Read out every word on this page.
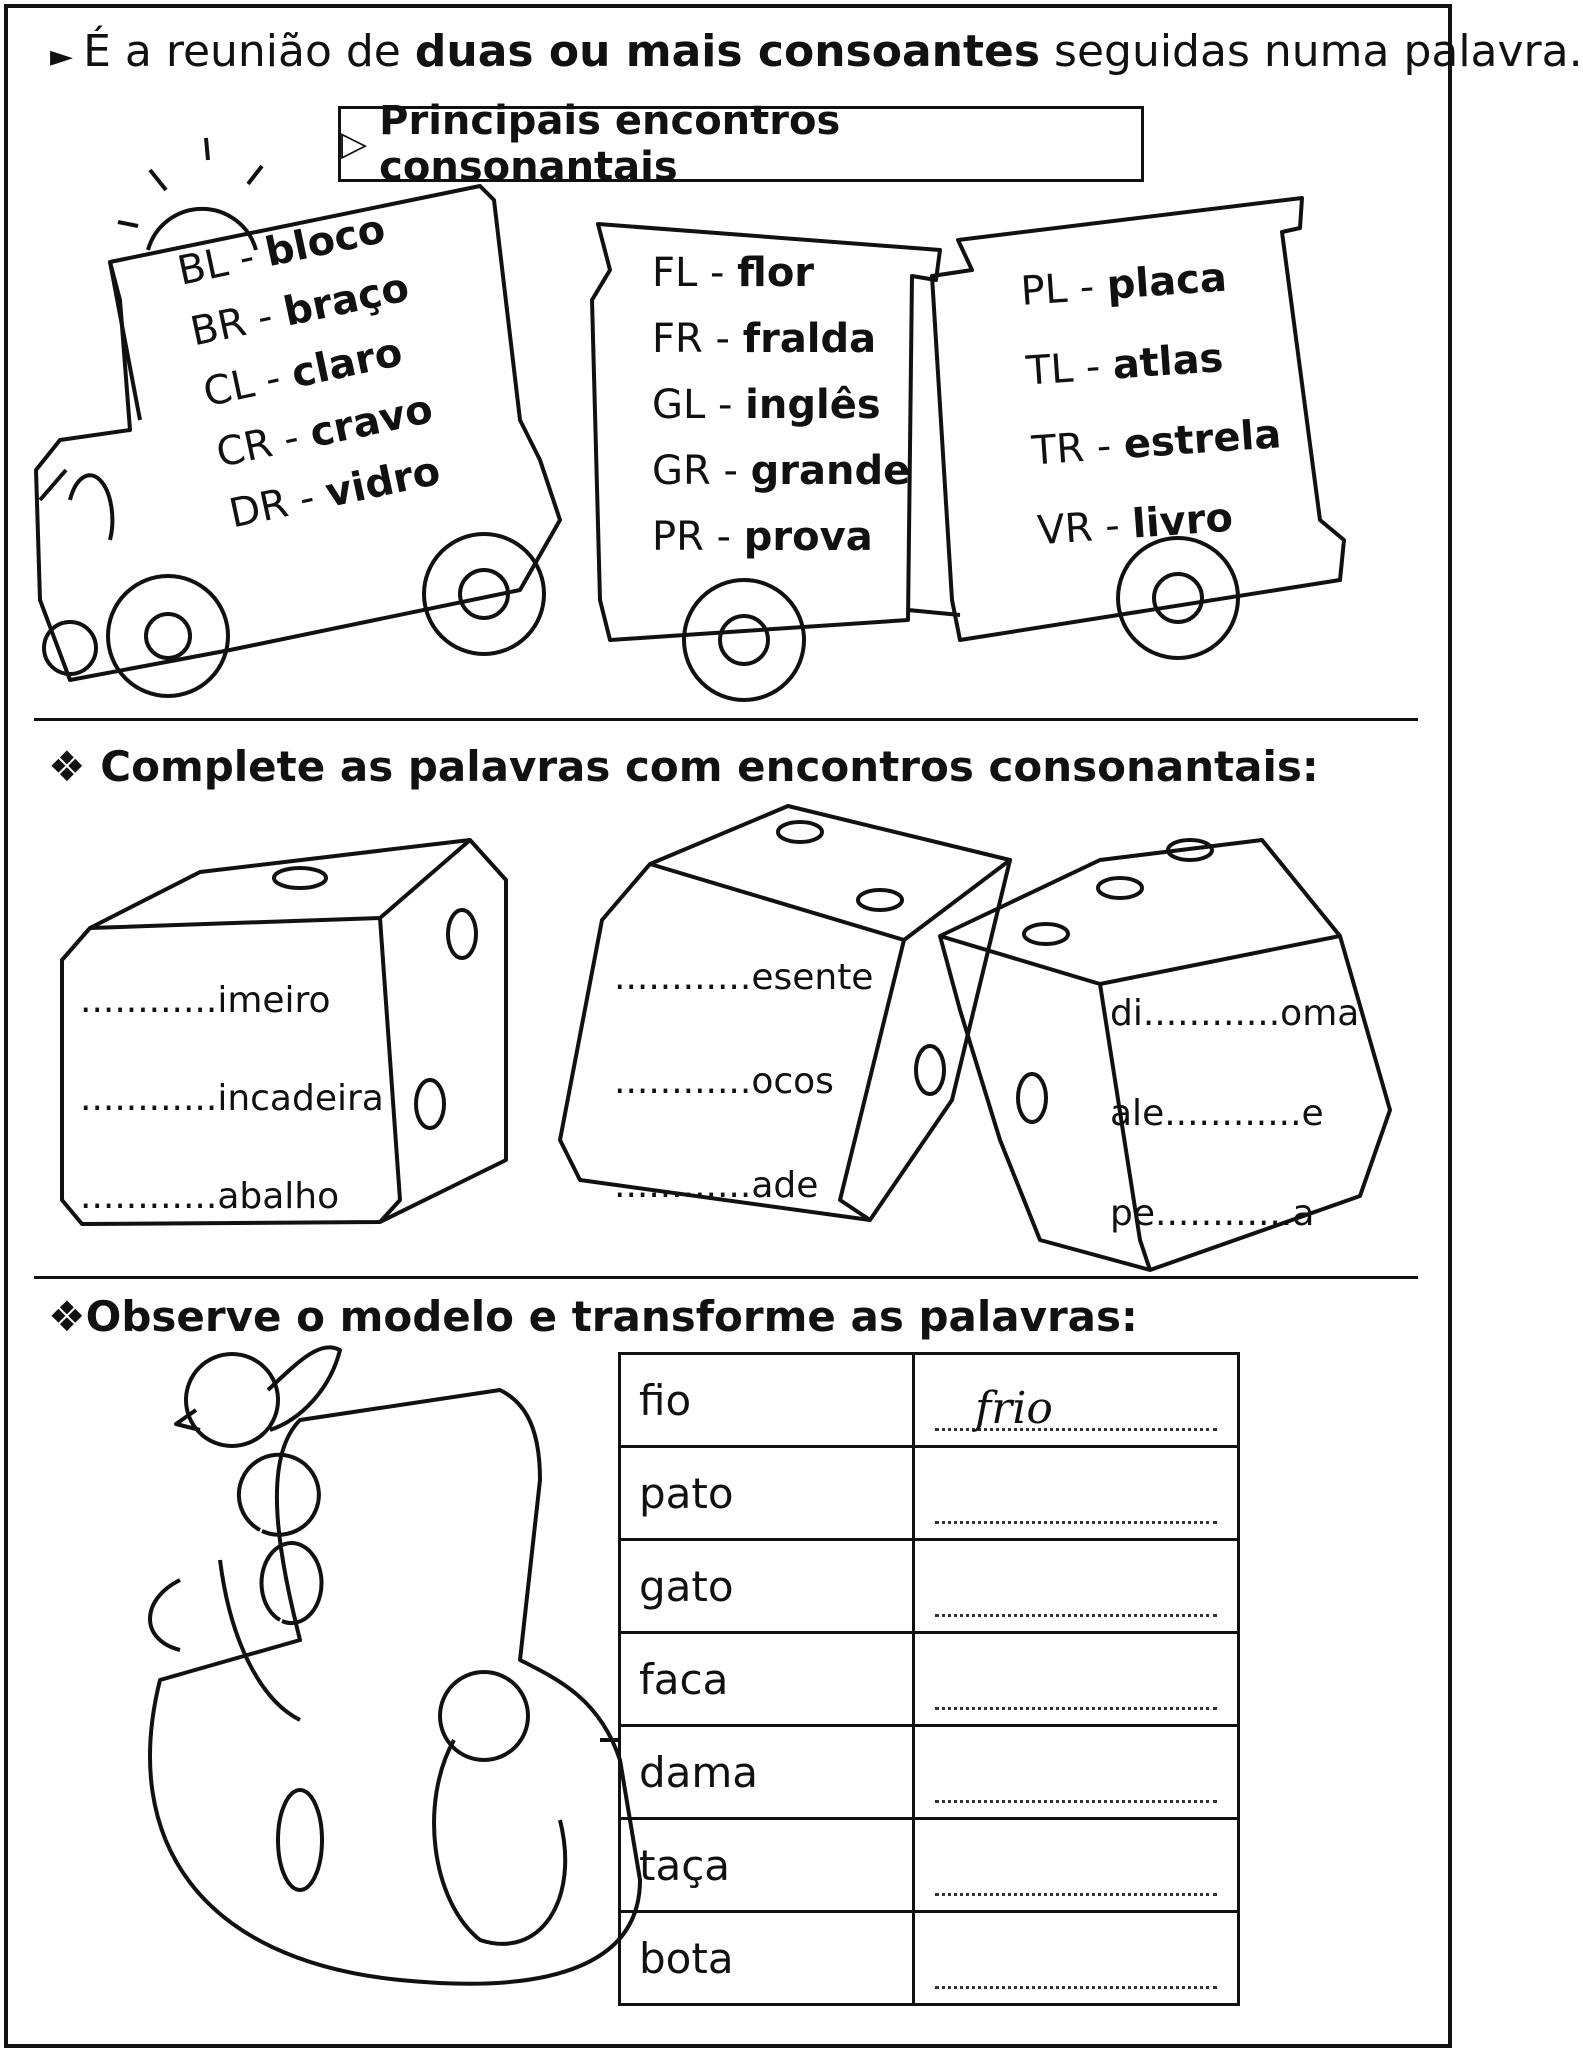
► É a reunião de duas ou mais consoantes seguidas numa palavra.
▷ Principais encontros consonantais
BL - bloco
BR - braço
CL - claro
CR - cravo
DR - vidro
FL - flor
FR - fralda
GL - inglês
GR - grande
PR - prova
PL - placa
TL - atlas
TR - estrela
VR - livro
❖ Complete as palavras com encontros consonantais:
............imeiro
............incadeira
............abalho
............esente
............ocos
............ade
di............oma
ale............e
pe............a
❖Observe o modelo e transforme as palavras:
fio	frio

pato	

gato	

faca	

dama	

taça	

bota	
